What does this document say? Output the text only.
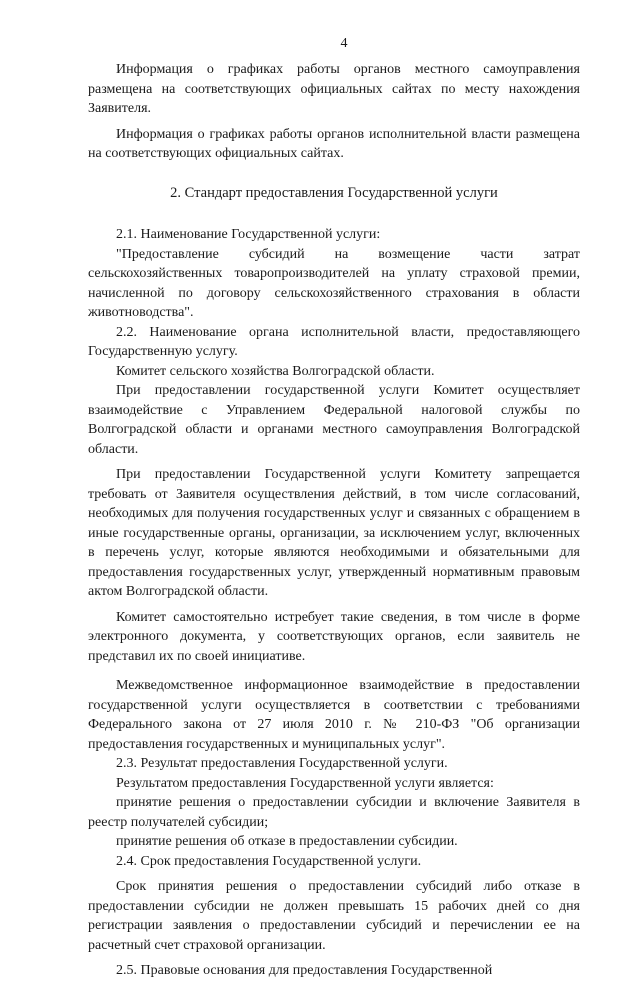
4

Информация о графиках работы органов местного самоуправления размещена на соответствующих официальных сайтах по месту нахождения Заявителя.

Информация о графиках работы органов исполнительной власти размещена на соответствующих официальных сайтах.

2. Стандарт предоставления Государственной услуги

2.1. Наименование Государственной услуги:

"Предоставление субсидий на возмещение части затрат сельскохозяйственных товаропроизводителей на уплату страховой премии, начисленной по договору сельскохозяйственного страхования в области животноводства".

2.2. Наименование органа исполнительной власти, предоставляющего Государственную услугу.

Комитет сельского хозяйства Волгоградской области.

При предоставлении государственной услуги Комитет осуществляет взаимодействие с Управлением Федеральной налоговой службы по Волгоградской области и органами местного самоуправления Волгоградской области.

При предоставлении Государственной услуги Комитету запрещается требовать от Заявителя осуществления действий, в том числе согласований, необходимых для получения государственных услуг и связанных с обращением в иные государственные органы, организации, за исключением услуг, включенных в перечень услуг, которые являются необходимыми и обязательными для предоставления государственных услуг, утвержденный нормативным правовым актом Волгоградской области.

Комитет самостоятельно истребует такие сведения, в том числе в форме электронного документа, у соответствующих органов, если заявитель не представил их по своей инициативе.

Межведомственное информационное взаимодействие в предоставлении государственной услуги осуществляется в соответствии с требованиями Федерального закона от 27 июля 2010 г. № 210-ФЗ "Об организации предоставления государственных и муниципальных услуг".

2.3. Результат предоставления Государственной услуги.

Результатом предоставления Государственной услуги является:

принятие решения о предоставлении субсидии и включение Заявителя в реестр получателей субсидии;

принятие решения об отказе в предоставлении субсидии.

2.4. Срок предоставления Государственной услуги.

Срок принятия решения о предоставлении субсидий либо отказе в предоставлении субсидии не должен превышать 15 рабочих дней со дня регистрации заявления о предоставлении субсидий и перечислении ее на расчетный счет страховой организации.

2.5. Правовые основания для предоставления Государственной
